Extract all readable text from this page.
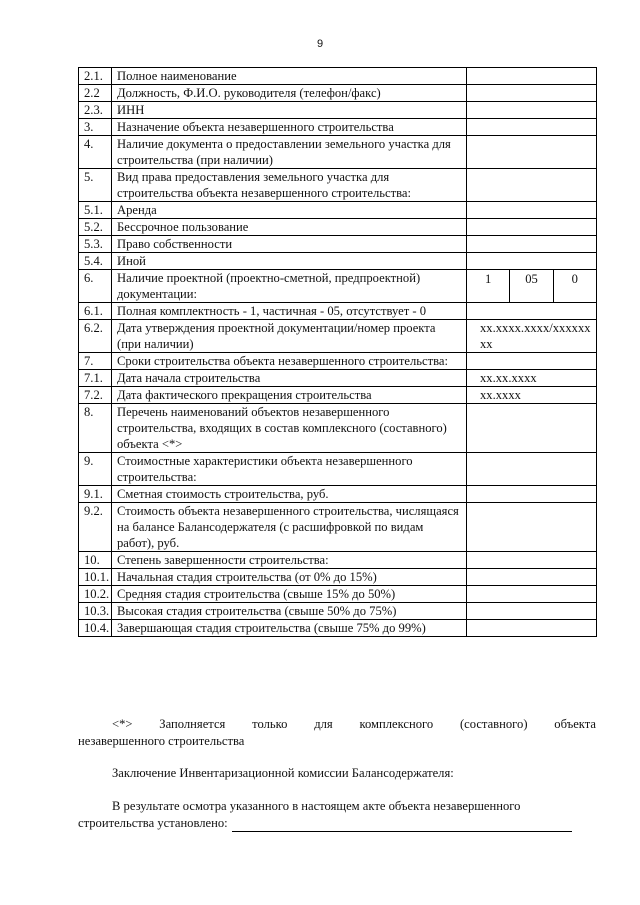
9
2.1.	Полное наименование	

2.2	Должность, Ф.И.О. руководителя (телефон/факс)	

2.3.	ИНН	

3.	Назначение объекта незавершенного строительства	

4.	Наличие документа о предоставлении земельного участка для строительства (при наличии)	

5.	Вид права предоставления земельного участка для строительства объекта незавершенного строительства:	

5.1.	Аренда	

5.2.	Бессрочное пользование	

5.3.	Право собственности	

5.4.	Иной	

6.	Наличие проектной (проектно-сметной, предпроектной) документации:	1 05 0

6.1.	Полная комплектность - 1, частичная - 05, отсутствует - 0	

6.2.	Дата утверждения проектной документации/номер проекта (при наличии)	хх.хххх.хххх/хххххххх

7.	Сроки строительства объекта незавершенного строительства:	

7.1.	Дата начала строительства	хх.хх.хххх

7.2.	Дата фактического прекращения строительства	хх.хххх

8.	Перечень наименований объектов незавершенного строительства, входящих в состав комплексного (составного) объекта <*>	

9.	Стоимостные характеристики объекта незавершенного строительства:	

9.1.	Сметная стоимость строительства, руб.	

9.2.	Стоимость объекта незавершенного строительства, числящаяся на балансе Балансодержателя (с расшифровкой по видам работ), руб.	

10.	Степень завершенности строительства:	

10.1.	Начальная стадия строительства (от 0% до 15%)	

10.2.	Средняя стадия строительства (свыше 15% до 50%)	

10.3.	Высокая стадия строительства (свыше 50% до 75%)	

10.4.	Завершающая стадия строительства (свыше 75% до 99%)	
<*> Заполняется только для комплексного (составного) объекта
незавершенного строительства
Заключение Инвентаризационной комиссии Балансодержателя:
В результате осмотра указанного в настоящем акте объекта незавершенного
строительства установлено:
